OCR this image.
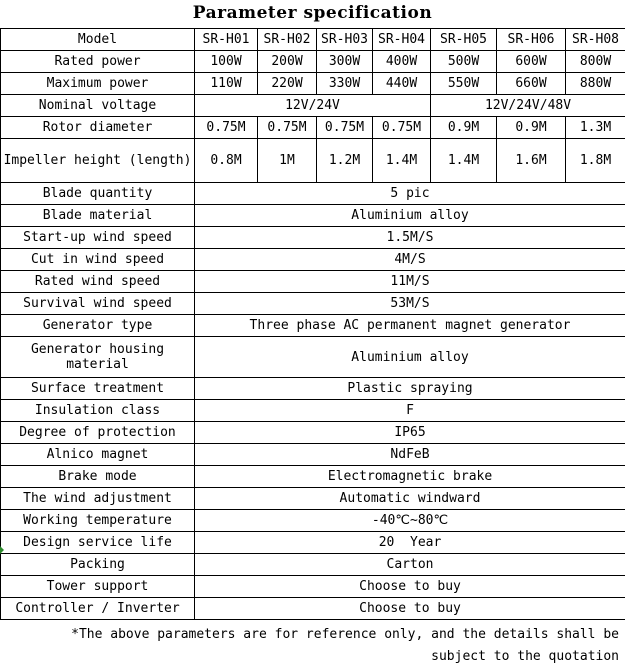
Parameter specification
Model	SR-H01	SR-H02	SR-H03	SR-H04	SR-H05	SR-H06	SR-H08
Rated power	100W	200W	300W	400W	500W	600W	800W
Maximum power	110W	220W	330W	440W	550W	660W	880W
Nominal voltage	12V/24V				12V/24V/48V		
Rotor diameter	0.75M	0.75M	0.75M	0.75M	0.9M	0.9M	1.3M
Impeller height (length)	0.8M	1M	1.2M	1.4M	1.4M	1.6M	1.8M
Blade quantity	5 pic						
Blade material	Aluminium alloy						
Start-up wind speed	1.5M/S						
Cut in wind speed	4M/S						
Rated wind speed	11M/S						
Survival wind speed	53M/S						
Generator type	Three phase AC permanent magnet generator						
Generator housing material	Aluminium alloy						
Surface treatment	Plastic spraying						
Insulation class	F						
Degree of protection	IP65						
Alnico magnet	NdFeB						
Brake mode	Electromagnetic brake						
The wind adjustment	Automatic windward						
Working temperature	-40℃~80℃						
Design service life	20  Year						
Packing	Carton						
Tower support	Choose to buy						
Controller / Inverter	Choose to buy						
*The above parameters are for reference only, and the details shall be
subject to the quotation
